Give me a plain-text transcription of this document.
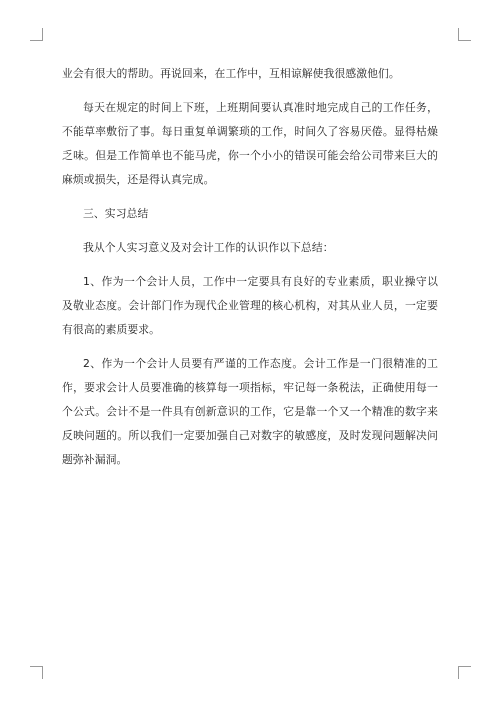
业会有很大的帮助。再说回来，在工作中，互相谅解使我很感激他们。

每天在规定的时间上下班，上班期间要认真准时地完成自己的工作任务，不能草率敷衍了事。每日重复单调繁琐的工作，时间久了容易厌倦。显得枯燥乏味。但是工作简单也不能马虎，你一个小小的错误可能会给公司带来巨大的麻烦或损失，还是得认真完成。

三、实习总结

我从个人实习意义及对会计工作的认识作以下总结：

1、作为一个会计人员，工作中一定要具有良好的专业素质，职业操守以及敬业态度。会计部门作为现代企业管理的核心机构，对其从业人员，一定要有很高的素质要求。

2、作为一个会计人员要有严谨的工作态度。会计工作是一门很精准的工作，要求会计人员要准确的核算每一项指标，牢记每一条税法，正确使用每一个公式。会计不是一件具有创新意识的工作，它是靠一个又一个精准的数字来反映问题的。所以我们一定要加强自己对数字的敏感度，及时发现问题解决问题弥补漏洞。
